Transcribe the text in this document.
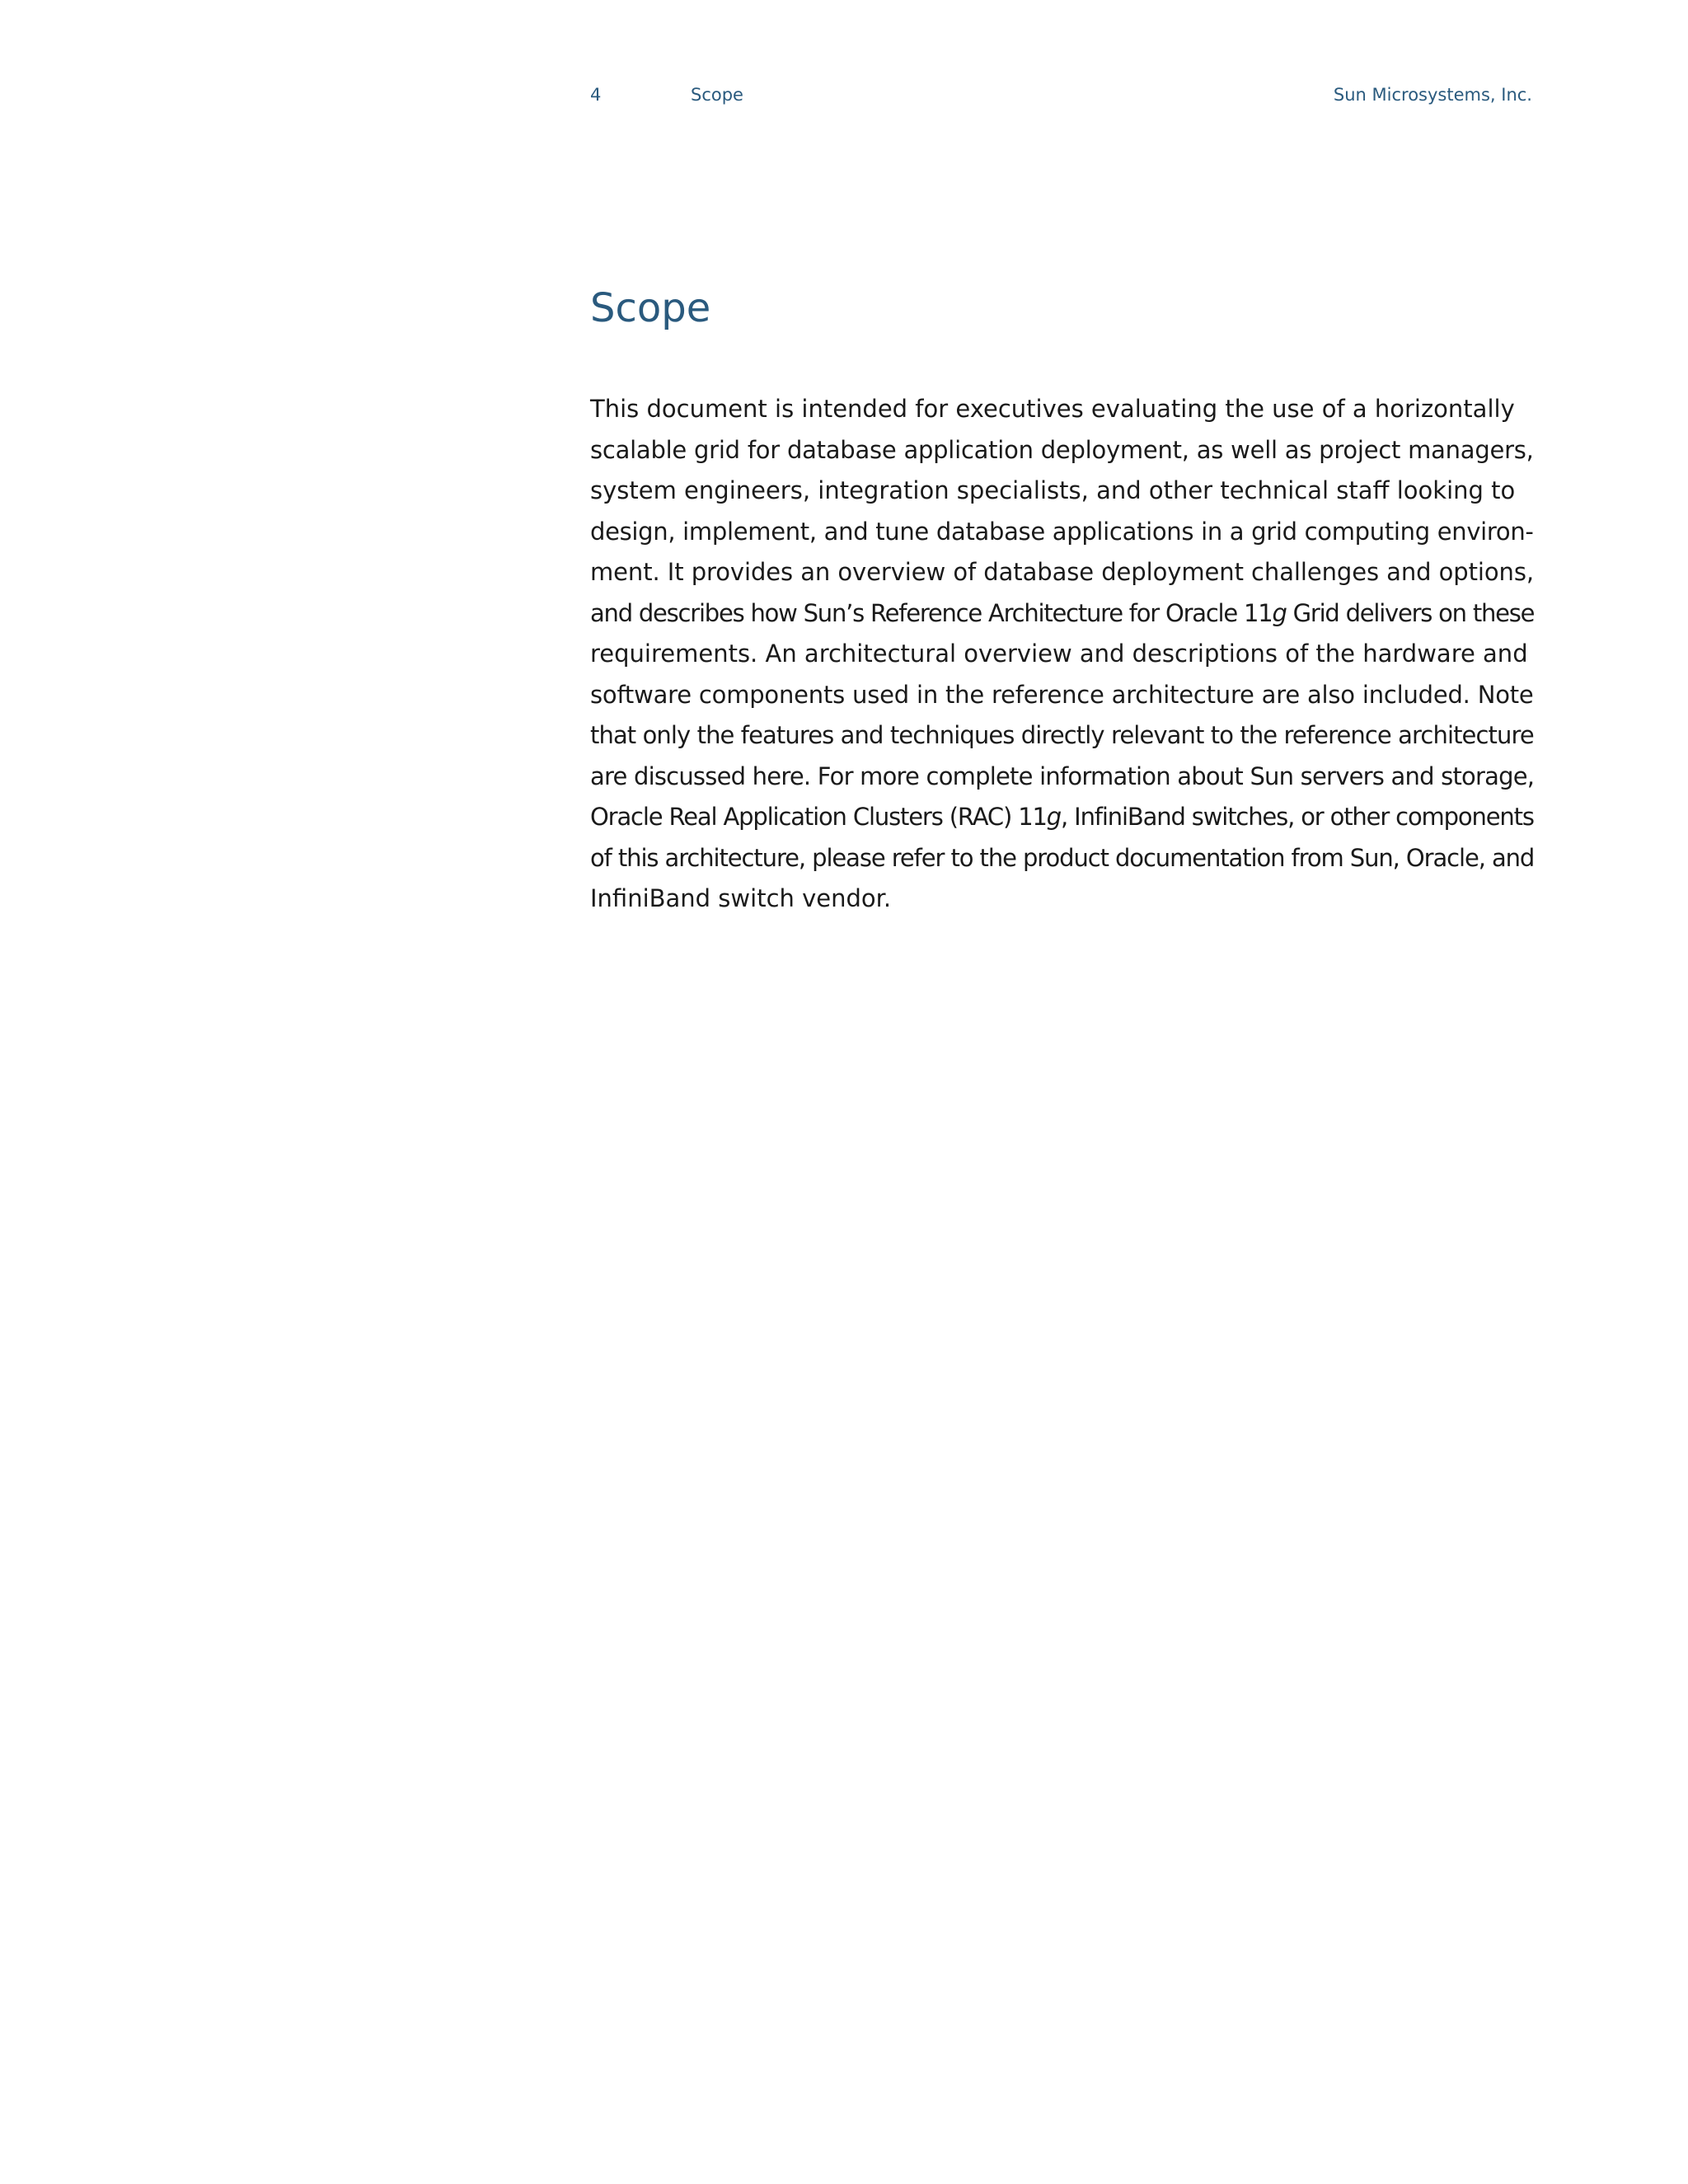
4	Scope	Sun Microsystems, Inc.
Scope

This document is intended for executives evaluating the use of a horizontally
scalable grid for database application deployment, as well as project managers,
system engineers, integration specialists, and other technical staff looking to
design, implement, and tune database applications in a grid computing environ-
ment. It provides an overview of database deployment challenges and options,
and describes how Sun’s Reference Architecture for Oracle 11g Grid delivers on these
requirements. An architectural overview and descriptions of the hardware and
software components used in the reference architecture are also included. Note
that only the features and techniques directly relevant to the reference architecture
are discussed here. For more complete information about Sun servers and storage,
Oracle Real Application Clusters (RAC) 11g, InfiniBand switches, or other components
of this architecture, please refer to the product documentation from Sun, Oracle, and
InfiniBand switch vendor.
